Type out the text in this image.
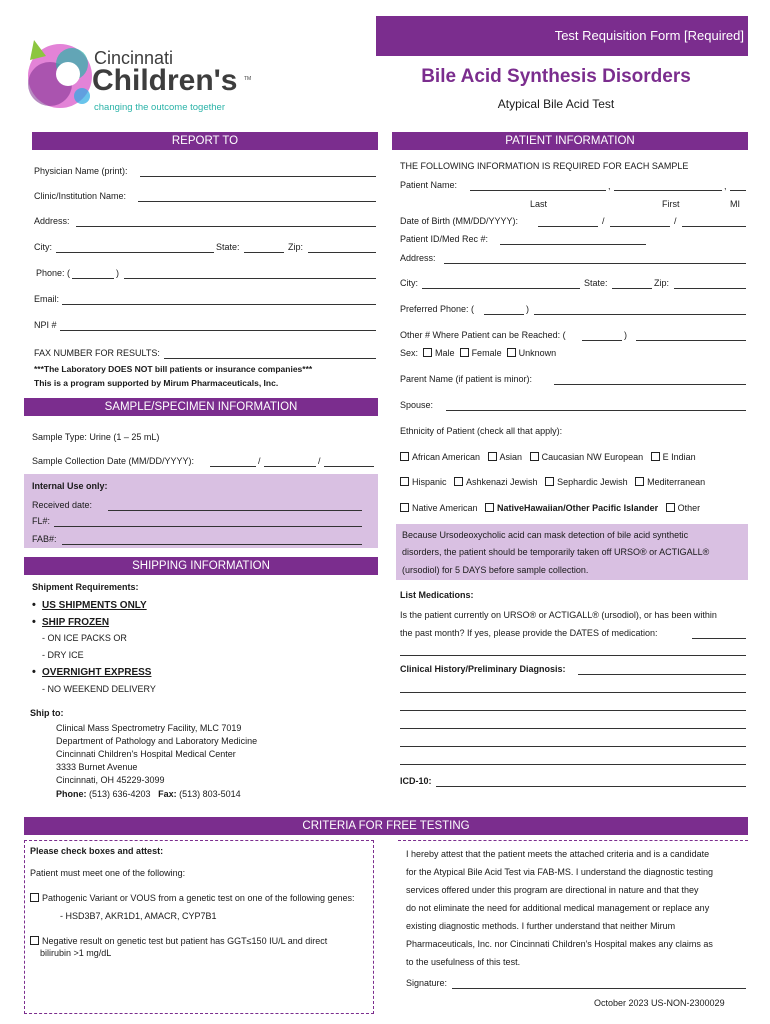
Test Requisition Form [Required]
Cincinnati
Children's TM
changing the outcome together
Bile Acid Synthesis Disorders
Atypical Bile Acid Test
REPORT TO
Physician Name (print):
Clinic/Institution Name:
Address:
City:	State:	Zip:
Phone: (	)
Email:
NPI #
FAX NUMBER FOR RESULTS:
***The Laboratory DOES NOT bill patients or insurance companies***
This is a program supported by Mirum Pharmaceuticals, Inc.
SAMPLE/SPECIMEN INFORMATION
Sample Type: Urine (1 – 25 mL)
Sample Collection Date (MM/DD/YYYY):	/	/
Internal Use only:
Received date:
FL#:
FAB#:
SHIPPING INFORMATION
Shipment Requirements:
• US SHIPMENTS ONLY
• SHIP FROZEN
- ON ICE PACKS OR
- DRY ICE
• OVERNIGHT EXPRESS
- NO WEEKEND DELIVERY
Ship to:
Clinical Mass Spectrometry Facility, MLC 7019
Department of Pathology and Laboratory Medicine
Cincinnati Children's Hospital Medical Center
3333 Burnet Avenue
Cincinnati, OH 45229-3099
Phone: (513) 636-4203 Fax: (513) 803-5014
PATIENT INFORMATION
THE FOLLOWING INFORMATION IS REQUIRED FOR EACH SAMPLE
Patient Name:	,	,
Last	First	MI
Date of Birth (MM/DD/YYYY):	/	/
Patient ID/Med Rec #:
Address:
City:	State:	Zip:
Preferred Phone: (	)
Other # Where Patient can be Reached: (	)
Sex: Male Female Unknown
Parent Name (if patient is minor):
Spouse:
Ethnicity of Patient (check all that apply):
African American Asian Caucasian NW European E Indian
Hispanic Ashkenazi Jewish Sephardic Jewish Mediterranean
Native American NativeHawaiian/Other Pacific Islander Other
Because Ursodeoxycholic acid can mask detection of bile acid synthetic
disorders, the patient should be temporarily taken off URSO® or ACTIGALL®
(ursodiol) for 5 DAYS before sample collection.
List Medications:
Is the patient currently on URSO® or ACTIGALL® (ursodiol), or has been within
the past month? If yes, please provide the DATES of medication:
Clinical History/Preliminary Diagnosis:
ICD-10:
CRITERIA FOR FREE TESTING
Please check boxes and attest:
Patient must meet one of the following:
Pathogenic Variant or VOUS from a genetic test on one of the following genes:
- HSD3B7, AKR1D1, AMACR, CYP7B1
Negative result on genetic test but patient has GGT≤150 IU/L and direct
bilirubin >1 mg/dL
I hereby attest that the patient meets the attached criteria and is a candidate
for the Atypical Bile Acid Test via FAB-MS. I understand the diagnostic testing
services offered under this program are directional in nature and that they
do not eliminate the need for additional medical management or replace any
existing diagnostic methods. I further understand that neither Mirum
Pharmaceuticals, Inc. nor Cincinnati Children's Hospital makes any claims as
to the usefulness of this test.
Signature:
October 2023 US-NON-2300029
